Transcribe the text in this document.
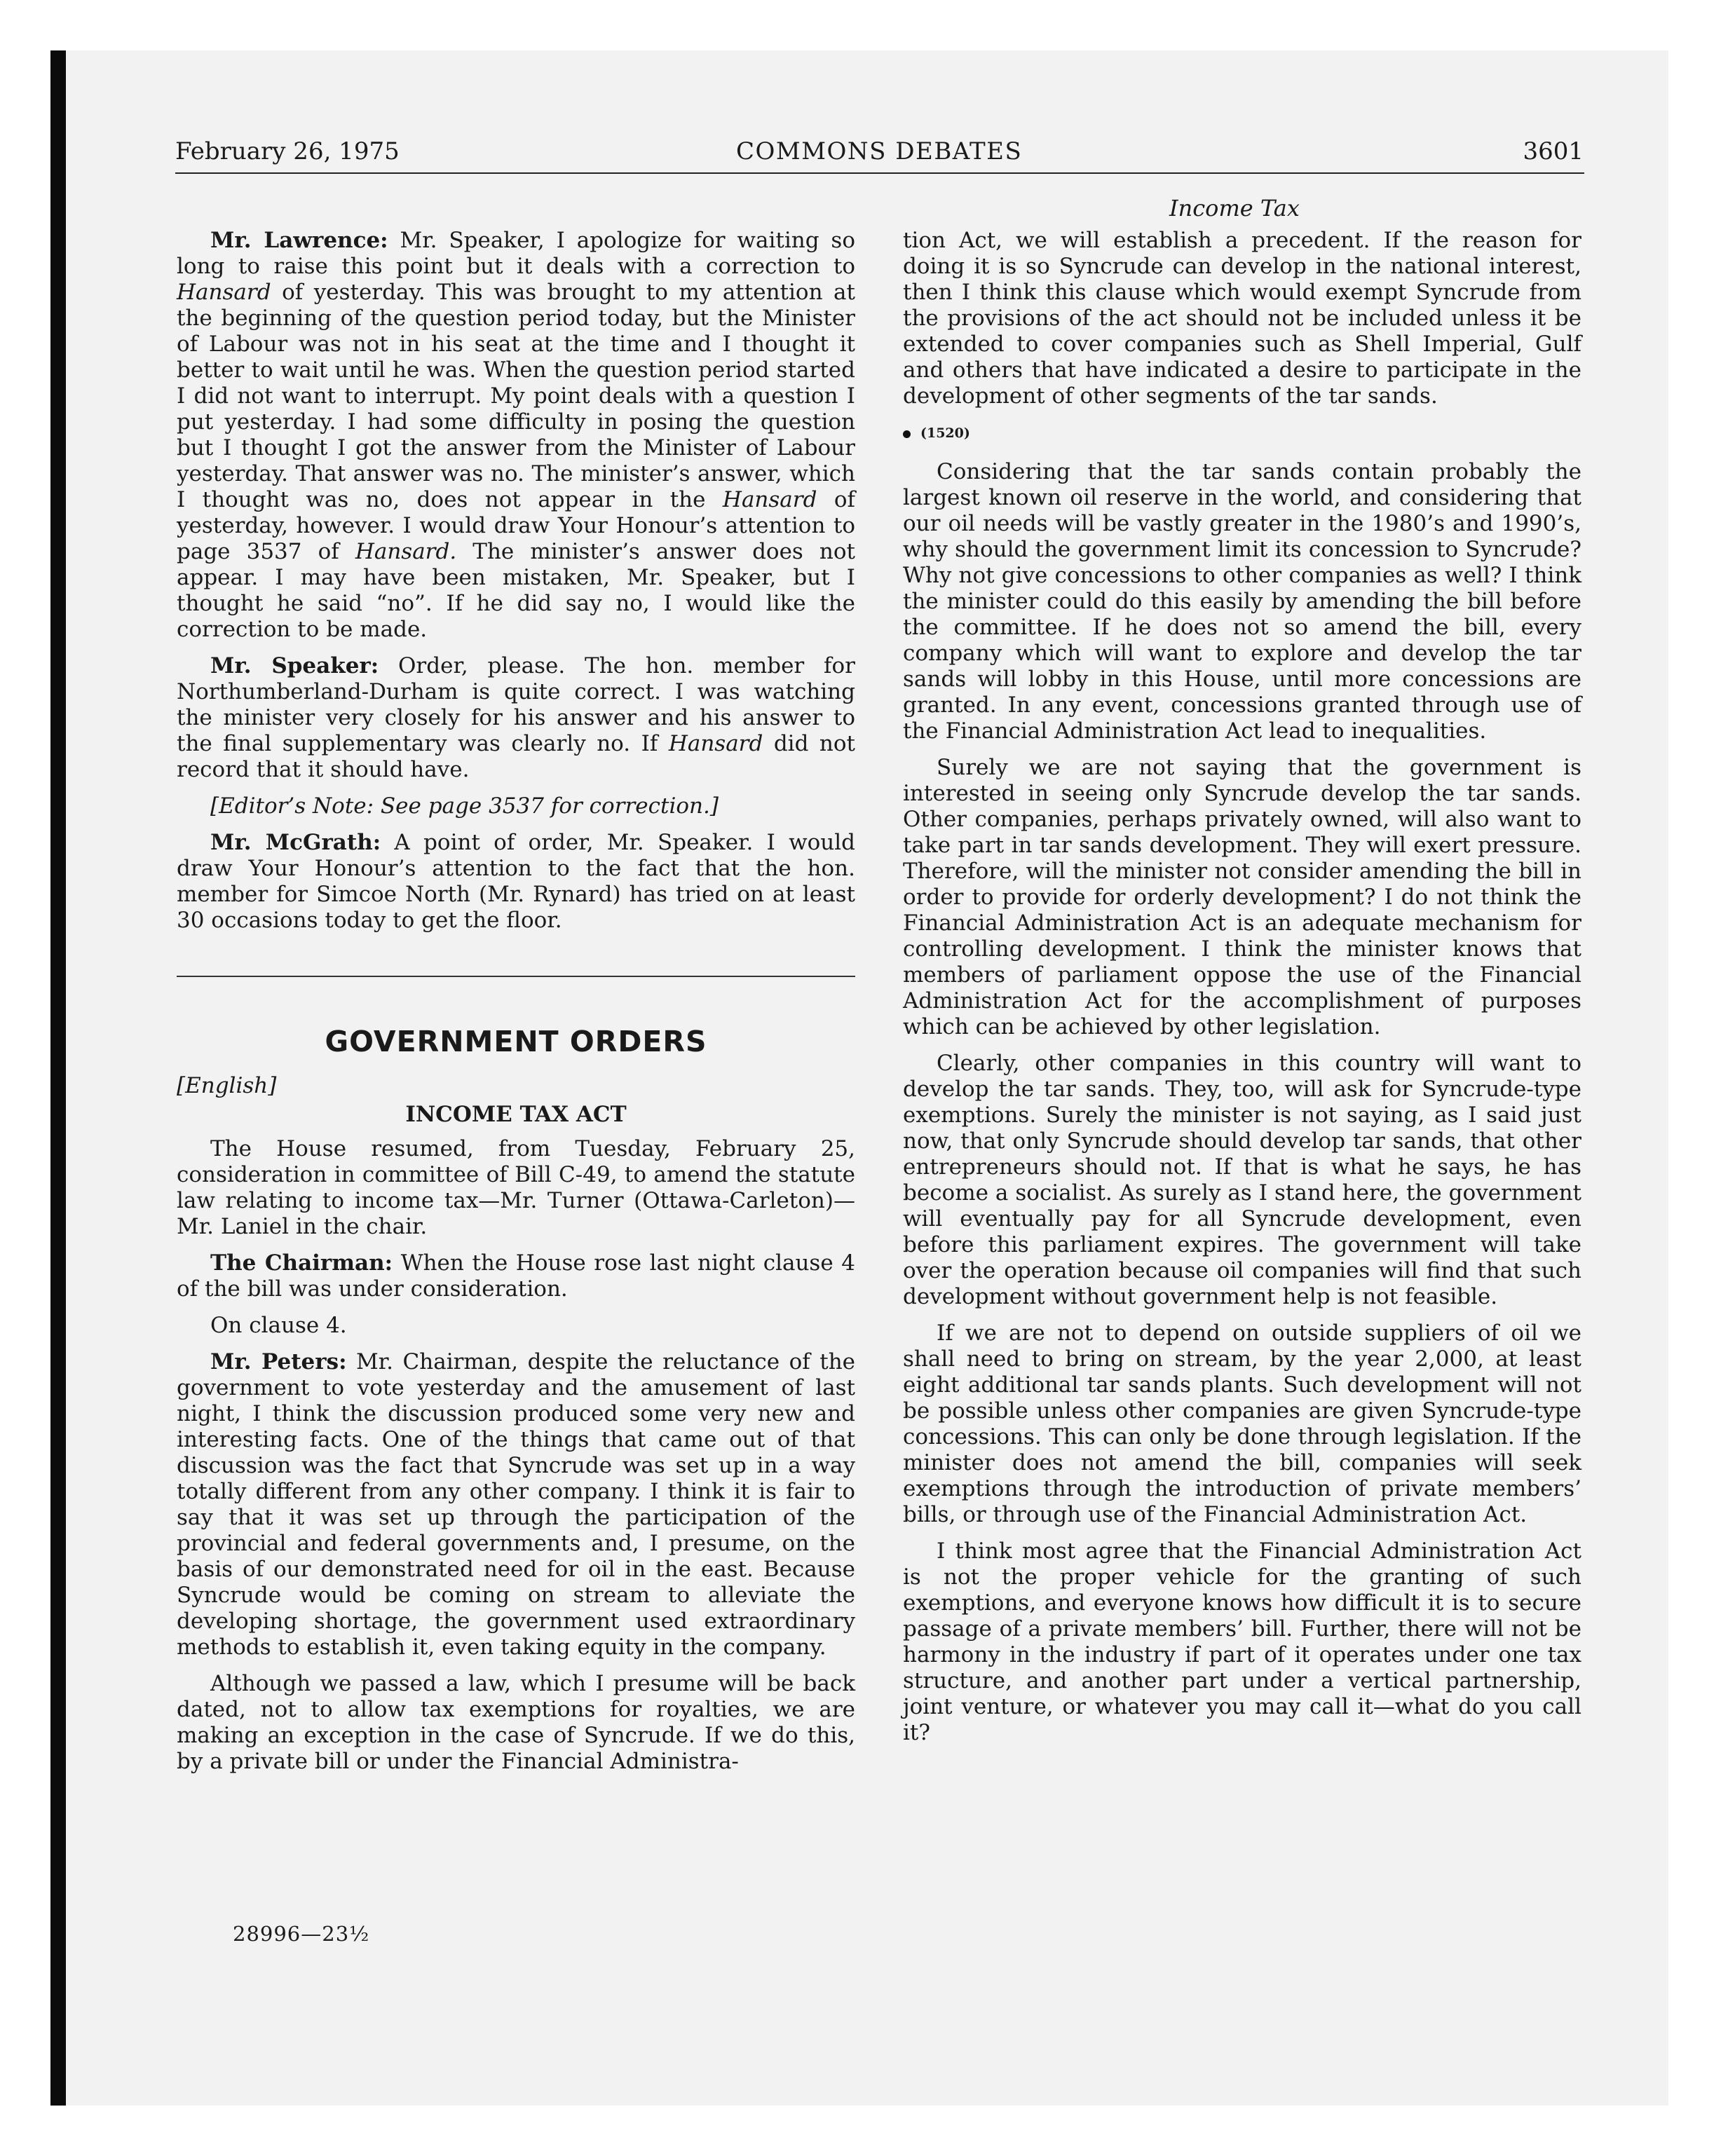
February 26, 1975	COMMONS DEBATES	3601
Income Tax

Mr. Lawrence: Mr. Speaker, I apologize for waiting so long to raise this point but it deals with a correction to Hansard of yesterday. This was brought to my attention at the beginning of the question period today, but the Minister of Labour was not in his seat at the time and I thought it better to wait until he was. When the question period started I did not want to interrupt. My point deals with a question I put yesterday. I had some difficulty in posing the question but I thought I got the answer from the Minister of Labour yesterday. That answer was no. The minister’s answer, which I thought was no, does not appear in the Hansard of yesterday, however. I would draw Your Honour’s attention to page 3537 of Hansard. The minister’s answer does not appear. I may have been mistaken, Mr. Speaker, but I thought he said “no”. If he did say no, I would like the correction to be made.

Mr. Speaker: Order, please. The hon. member for Northumberland-Durham is quite correct. I was watching the minister very closely for his answer and his answer to the final supplementary was clearly no. If Hansard did not record that it should have.

[Editor’s Note: See page 3537 for correction.]

Mr. McGrath: A point of order, Mr. Speaker. I would draw Your Honour’s attention to the fact that the hon. member for Simcoe North (Mr. Rynard) has tried on at least 30 occasions today to get the floor.

GOVERNMENT ORDERS
[English]
INCOME TAX ACT

The House resumed, from Tuesday, February 25, consideration in committee of Bill C-49, to amend the statute law relating to income tax—Mr. Turner (Ottawa-Carleton)—Mr. Laniel in the chair.

The Chairman: When the House rose last night clause 4 of the bill was under consideration.

On clause 4.

Mr. Peters: Mr. Chairman, despite the reluctance of the government to vote yesterday and the amusement of last night, I think the discussion produced some very new and interesting facts. One of the things that came out of that discussion was the fact that Syncrude was set up in a way totally different from any other company. I think it is fair to say that it was set up through the participation of the provincial and federal governments and, I presume, on the basis of our demonstrated need for oil in the east. Because Syncrude would be coming on stream to alleviate the developing shortage, the government used extraordinary methods to establish it, even taking equity in the company.

Although we passed a law, which I presume will be back dated, not to allow tax exemptions for royalties, we are making an exception in the case of Syncrude. If we do this, by a private bill or under the Financial Administra-

tion Act, we will establish a precedent. If the reason for doing it is so Syncrude can develop in the national interest, then I think this clause which would exempt Syncrude from the provisions of the act should not be included unless it be extended to cover companies such as Shell Imperial, Gulf and others that have indicated a desire to participate in the development of other segments of the tar sands.

(1520)

Considering that the tar sands contain probably the largest known oil reserve in the world, and considering that our oil needs will be vastly greater in the 1980’s and 1990’s, why should the government limit its concession to Syncrude? Why not give concessions to other companies as well? I think the minister could do this easily by amending the bill before the committee. If he does not so amend the bill, every company which will want to explore and develop the tar sands will lobby in this House, until more concessions are granted. In any event, concessions granted through use of the Financial Administration Act lead to inequalities.

Surely we are not saying that the government is interested in seeing only Syncrude develop the tar sands. Other companies, perhaps privately owned, will also want to take part in tar sands development. They will exert pressure. Therefore, will the minister not consider amending the bill in order to provide for orderly development? I do not think the Financial Administration Act is an adequate mechanism for controlling development. I think the minister knows that members of parliament oppose the use of the Financial Administration Act for the accomplishment of purposes which can be achieved by other legislation.

Clearly, other companies in this country will want to develop the tar sands. They, too, will ask for Syncrude-type exemptions. Surely the minister is not saying, as I said just now, that only Syncrude should develop tar sands, that other entrepreneurs should not. If that is what he says, he has become a socialist. As surely as I stand here, the government will eventually pay for all Syncrude development, even before this parliament expires. The government will take over the operation because oil companies will find that such development without government help is not feasible.

If we are not to depend on outside suppliers of oil we shall need to bring on stream, by the year 2,000, at least eight additional tar sands plants. Such development will not be possible unless other companies are given Syncrude-type concessions. This can only be done through legislation. If the minister does not amend the bill, companies will seek exemptions through the introduction of private members’ bills, or through use of the Financial Administration Act.

I think most agree that the Financial Administration Act is not the proper vehicle for the granting of such exemptions, and everyone knows how difficult it is to secure passage of a private members’ bill. Further, there will not be harmony in the industry if part of it operates under one tax structure, and another part under a vertical partnership, joint venture, or whatever you may call it—what do you call it?

28996—23½
